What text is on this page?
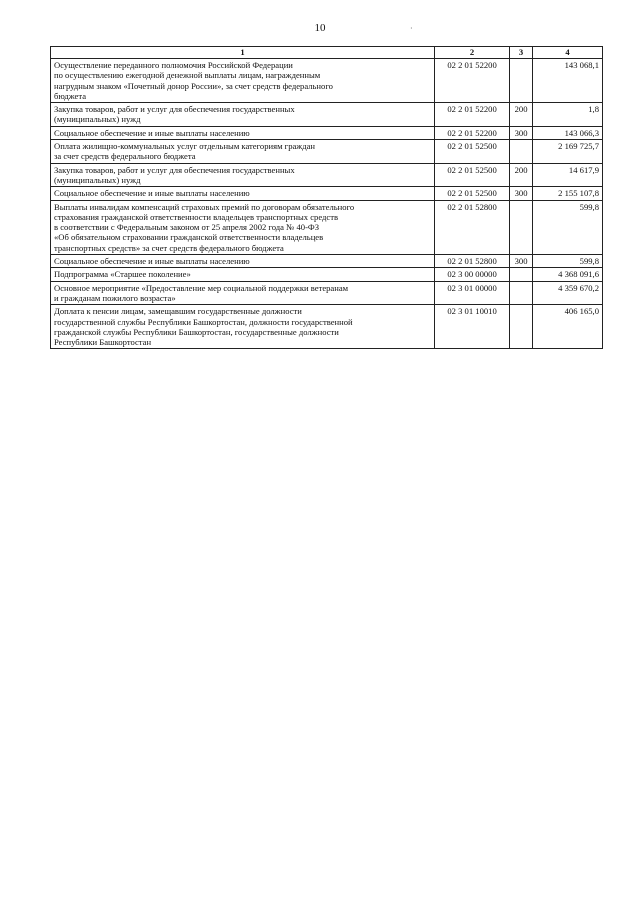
10	·
1	2	3	4
Осуществление переданного полномочия Российской Федерации
по осуществлению ежегодной денежной выплаты лицам, награжденным
нагрудным знаком «Почетный донор России», за счет средств федерального
бюджета	02 2 01 52200		143 068,1
Закупка товаров, работ и услуг для обеспечения государственных
(муниципальных) нужд	02 2 01 52200	200	1,8
Социальное обеспечение и иные выплаты населению	02 2 01 52200	300	143 066,3
Оплата жилищно-коммунальных услуг отдельным категориям граждан
за счет средств федерального бюджета	02 2 01 52500		2 169 725,7
Закупка товаров, работ и услуг для обеспечения государственных
(муниципальных) нужд	02 2 01 52500	200	14 617,9
Социальное обеспечение и иные выплаты населению	02 2 01 52500	300	2 155 107,8
Выплаты инвалидам компенсаций страховых премий по договорам обязательного
страхования гражданской ответственности владельцев транспортных средств
в соответствии с Федеральным законом от 25 апреля 2002 года № 40-ФЗ
«Об обязательном страховании гражданской ответственности владельцев
транспортных средств» за счет средств федерального бюджета	02 2 01 52800		599,8
Социальное обеспечение и иные выплаты населению	02 2 01 52800	300	599,8
Подпрограмма «Старшее поколение»	02 3 00 00000		4 368 091,6
Основное мероприятие «Предоставление мер социальной поддержки ветеранам
и гражданам пожилого возраста»	02 3 01 00000		4 359 670,2
Доплата к пенсии лицам, замещавшим государственные должности
государственной службы Республики Башкортостан, должности государственной
гражданской службы Республики Башкортостан, государственные должности
Республики Башкортостан	02 3 01 10010		406 165,0
